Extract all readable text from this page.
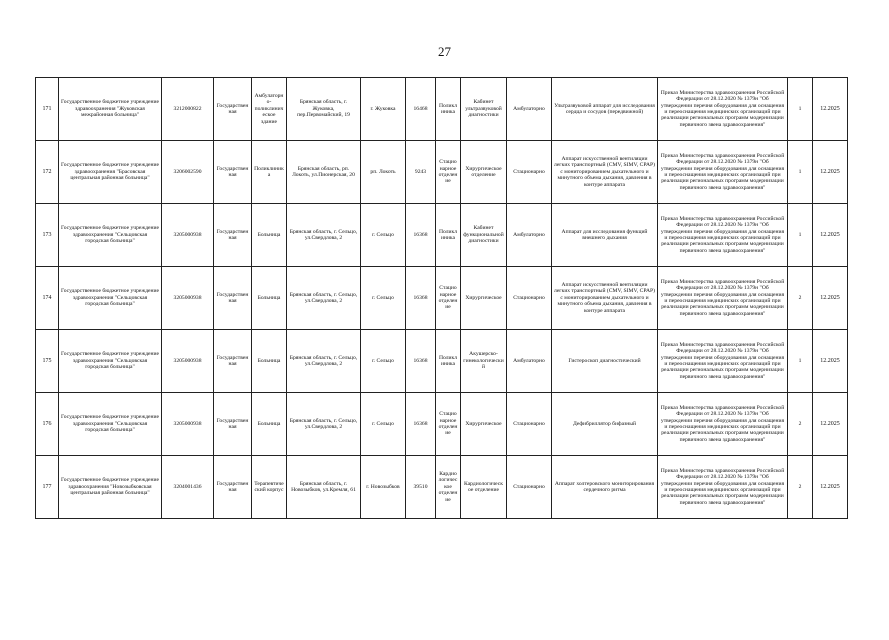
27
171	Государственное бюджетное учреждение здравоохранения "Жуковская межрайонная больница"	3212000822	Государственная	Амбулаторно-поликлиническое здание	Брянская область, г. Жуковка, пер.Первомайский, 19	г. Жуковка	16468	Поликлиника	Кабинет ультразвуковой диагностики	Амбулаторно	Ультразвуковой аппарат для исследования сердца и сосудов (передвижной)	Приказ Министерства здравоохранения Российской Федерации от 28.12.2020 № 1379н "Об утверждении перечня оборудования для оснащения и переоснащения медицинских организаций при реализации региональных программ модернизации первичного звена здравоохранения"	1	12.2025
172	Государственное бюджетное учреждение здравоохранения "Брасовская центральная районная больница"	3206002590	Государственная	Поликлиника	Брянская область, рп. Локоть, ул.Пионерская, 20	рп. Локоть	9243	Стационарное отделение	Хирургическое отделение	Стационарно	Аппарат искусственной вентиляции легких транспортный (CMV, SIMV, CPAP) с мониторированием дыхательного и минутного объема дыхания, давления в контуре аппарата	Приказ Министерства здравоохранения Российской Федерации от 28.12.2020 № 1379н "Об утверждении перечня оборудования для оснащения и переоснащения медицинских организаций при реализации региональных программ модернизации первичного звена здравоохранения"	1	12.2025
173	Государственное бюджетное учреждение здравоохранения "Сельцовская городская больница"	3205000938	Государственная	Больница	Брянская область, г. Сельцо, ул.Свердлова, 2	г. Сельцо	16368	Поликлиника	Кабинет функциональной диагностики	Амбулаторно	Аппарат для исследования функций внешнего дыхания	Приказ Министерства здравоохранения Российской Федерации от 28.12.2020 № 1379н "Об утверждении перечня оборудования для оснащения и переоснащения медицинских организаций при реализации региональных программ модернизации первичного звена здравоохранения"	1	12.2025
174	Государственное бюджетное учреждение здравоохранения "Сельцовская городская больница"	3205000938	Государственная	Больница	Брянская область, г. Сельцо, ул.Свердлова, 2	г. Сельцо	16368	Стационарное отделение	Хирургическое	Стационарно	Аппарат искусственной вентиляции легких транспортный (CMV, SIMV, CPAP) с мониторированием дыхательного и минутного объема дыхания, давления в контуре аппарата	Приказ Министерства здравоохранения Российской Федерации от 28.12.2020 № 1379н "Об утверждении перечня оборудования для оснащения и переоснащения медицинских организаций при реализации региональных программ модернизации первичного звена здравоохранения"	2	12.2025
175	Государственное бюджетное учреждение здравоохранения "Сельцовская городская больница"	3205000938	Государственная	Больница	Брянская область, г. Сельцо, ул.Свердлова, 2	г. Сельцо	16368	Поликлиника	Акушерско-гинекологический	Амбулаторно	Гистероскоп диагностический	Приказ Министерства здравоохранения Российской Федерации от 28.12.2020 № 1379н "Об утверждении перечня оборудования для оснащения и переоснащения медицинских организаций при реализации региональных программ модернизации первичного звена здравоохранения"	1	12.2025
176	Государственное бюджетное учреждение здравоохранения "Сельцовская городская больница"	3205000938	Государственная	Больница	Брянская область, г. Сельцо, ул.Свердлова, 2	г. Сельцо	16368	Стационарное отделение	Хирургическое	Стационарно	Дефибриллятор бифазный	Приказ Министерства здравоохранения Российской Федерации от 28.12.2020 № 1379н "Об утверждении перечня оборудования для оснащения и переоснащения медицинских организаций при реализации региональных программ модернизации первичного звена здравоохранения"	2	12.2025
177	Государственное бюджетное учреждение здравоохранения "Новозыбковская центральная районная больница"	3204001436	Государственная	Терапевтический корпус	Брянская область, г. Новозыбков, ул.Кремля, 61	г. Новозыбков	39510	Кардиологическое отделение	Кардиологическое отделение	Стационарно	Аппарат холтеровского мониторирования сердечного ритма	Приказ Министерства здравоохранения Российской Федерации от 28.12.2020 № 1379н "Об утверждении перечня оборудования для оснащения и переоснащения медицинских организаций при реализации региональных программ модернизации первичного звена здравоохранения"	2	12.2025
